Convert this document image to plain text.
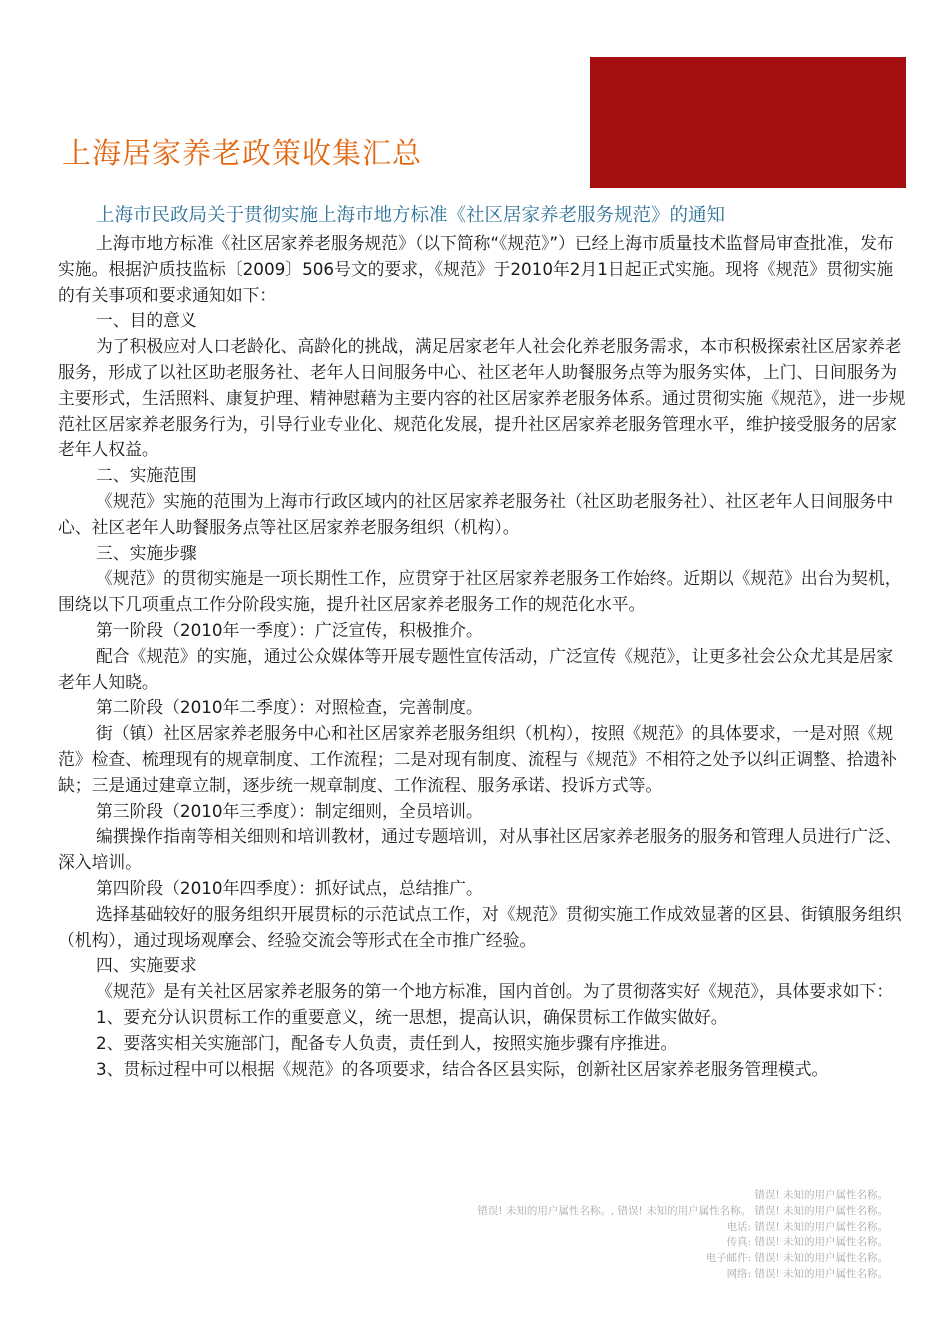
上海居家养老政策收集汇总
上海市民政局关于贯彻实施上海市地方标准《社区居家养老服务规范》的通知

上海市地方标准《社区居家养老服务规范》（以下简称“《规范》”）已经上海市质量技术监督局审查批准，发布实施。根据沪质技监标〔2009〕506号文的要求，《规范》于2010年2月1日起正式实施。现将《规范》贯彻实施的有关事项和要求通知如下：

一、目的意义

为了积极应对人口老龄化、高龄化的挑战，满足居家老年人社会化养老服务需求，本市积极探索社区居家养老服务，形成了以社区助老服务社、老年人日间服务中心、社区老年人助餐服务点等为服务实体，上门、日间服务为主要形式，生活照料、康复护理、精神慰藉为主要内容的社区居家养老服务体系。通过贯彻实施《规范》，进一步规范社区居家养老服务行为，引导行业专业化、规范化发展，提升社区居家养老服务管理水平，维护接受服务的居家老年人权益。

二、实施范围

《规范》实施的范围为上海市行政区域内的社区居家养老服务社（社区助老服务社）、社区老年人日间服务中心、社区老年人助餐服务点等社区居家养老服务组织（机构）。

三、实施步骤

《规范》的贯彻实施是一项长期性工作，应贯穿于社区居家养老服务工作始终。近期以《规范》出台为契机，围绕以下几项重点工作分阶段实施，提升社区居家养老服务工作的规范化水平。

第一阶段（2010年一季度）：广泛宣传，积极推介。

配合《规范》的实施，通过公众媒体等开展专题性宣传活动，广泛宣传《规范》，让更多社会公众尤其是居家老年人知晓。

第二阶段（2010年二季度）：对照检查，完善制度。

街（镇）社区居家养老服务中心和社区居家养老服务组织（机构），按照《规范》的具体要求，一是对照《规范》检查、梳理现有的规章制度、工作流程；二是对现有制度、流程与《规范》不相符之处予以纠正调整、拾遗补缺；三是通过建章立制，逐步统一规章制度、工作流程、服务承诺、投诉方式等。

第三阶段（2010年三季度）：制定细则，全员培训。

编撰操作指南等相关细则和培训教材，通过专题培训，对从事社区居家养老服务的服务和管理人员进行广泛、深入培训。

第四阶段（2010年四季度）：抓好试点，总结推广。

选择基础较好的服务组织开展贯标的示范试点工作，对《规范》贯彻实施工作成效显著的区县、街镇服务组织（机构），通过现场观摩会、经验交流会等形式在全市推广经验。

四、实施要求

《规范》是有关社区居家养老服务的第一个地方标准，国内首创。为了贯彻落实好《规范》，具体要求如下：

1、要充分认识贯标工作的重要意义，统一思想，提高认识，确保贯标工作做实做好。

2、要落实相关实施部门，配备专人负责，责任到人，按照实施步骤有序推进。

3、贯标过程中可以根据《规范》的各项要求，结合各区县实际，创新社区居家养老服务管理模式。

错误! 未知的用户属性名称。
错误! 未知的用户属性名称。, 错误! 未知的用户属性名称。 错误! 未知的用户属性名称。
电话: 错误! 未知的用户属性名称。
传真: 错误! 未知的用户属性名称。
电子邮件: 错误! 未知的用户属性名称。
网络: 错误! 未知的用户属性名称。
